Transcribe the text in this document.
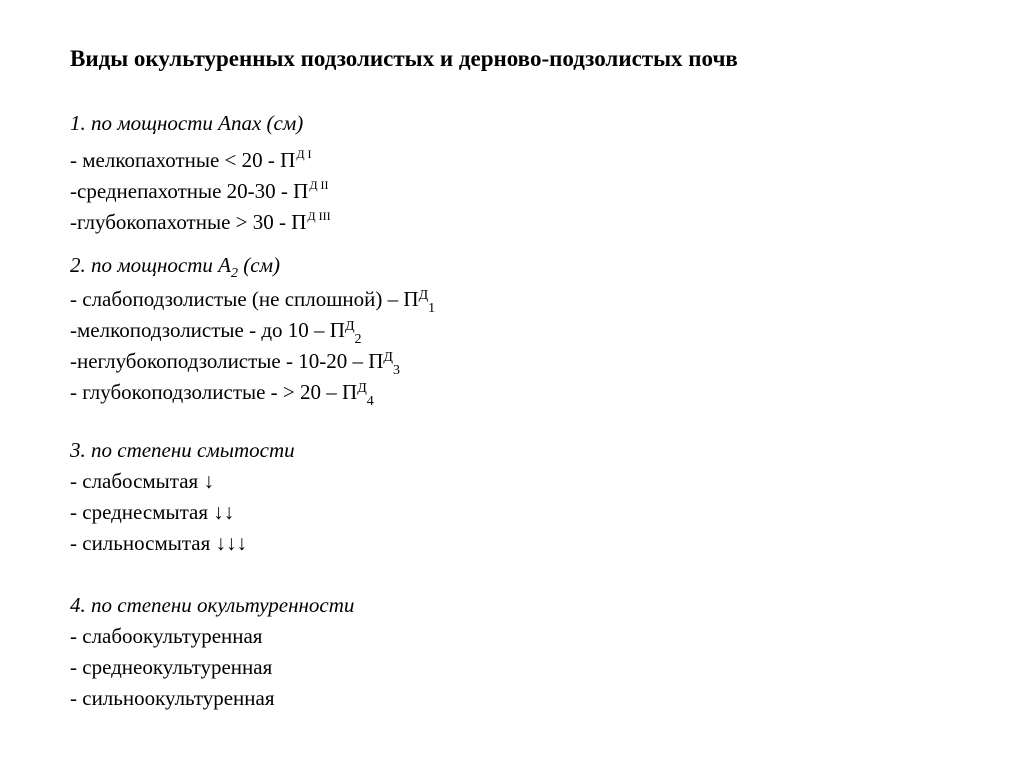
Виды окультуренных подзолистых и дерново-подзолистых почв
1. по мощности Апах (см)
- мелкопахотные < $20 - П^{Д I}$
-среднепахотные $20-30 - П^{Д II}$
-глубокопахотные > $30 - П^{Д III}$
2. по мощности $А_2$ (см)
- слабоподзолистые (не сплошной) – $П^Д_1$
-мелкоподзолистые - до $10 - П^Д_2$
-неглубокоподзолистые - $10-20 - П^Д_3$
- глубокоподзолистые - > $20 - П^Д_4$
3. по степени смытости
- слабосмытая ↓
- среднесмытая ↓↓
- сильносмытая ↓↓↓
4. по степени окультуренности
- слабоокультуренная
- среднеокультуренная
- сильноокультуренная
